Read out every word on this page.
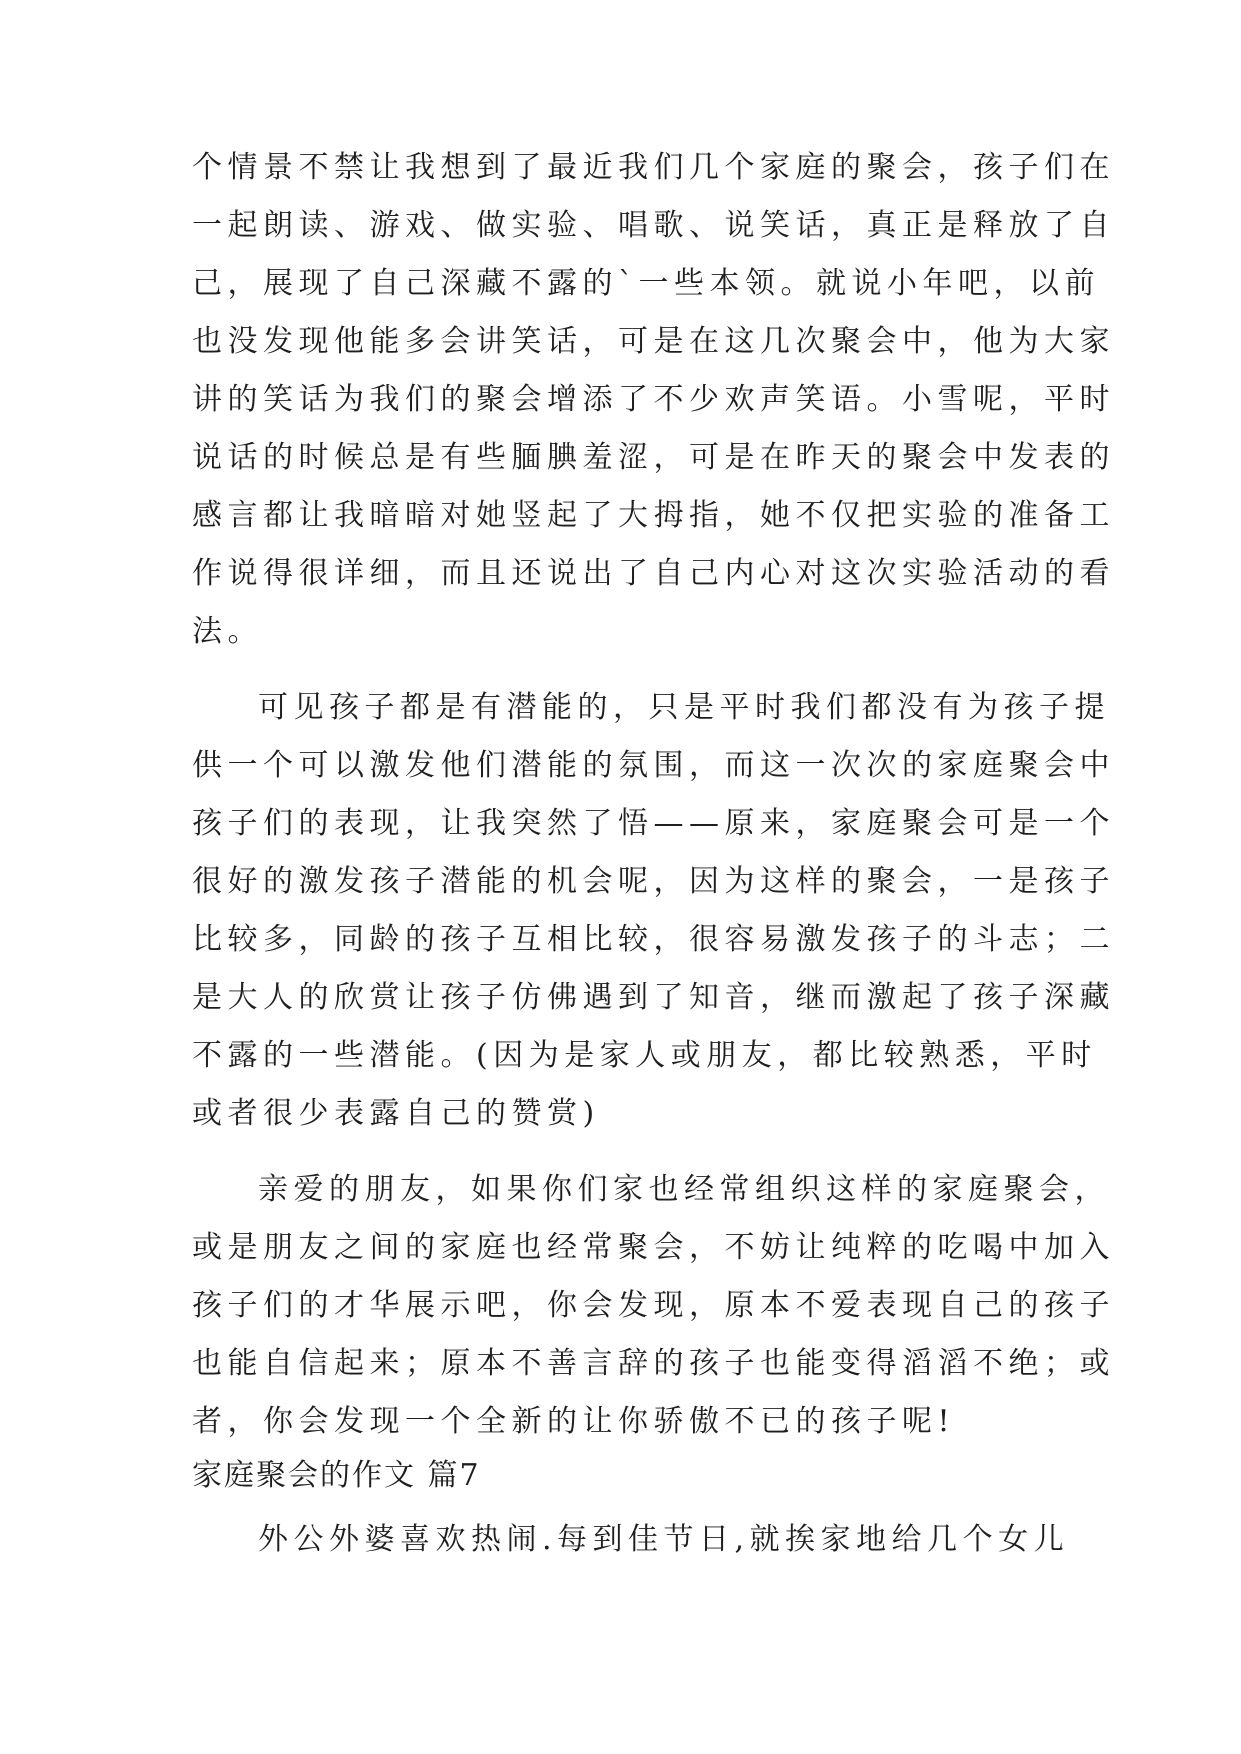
个情景不禁让我想到了最近我们几个家庭的聚会，孩子们在
一起朗读、游戏、做实验、唱歌、说笑话，真正是释放了自
己，展现了自己深藏不露的`一些本领。就说小年吧，以前
也没发现他能多会讲笑话，可是在这几次聚会中，他为大家
讲的笑话为我们的聚会增添了不少欢声笑语。小雪呢，平时
说话的时候总是有些腼腆羞涩，可是在昨天的聚会中发表的
感言都让我暗暗对她竖起了大拇指，她不仅把实验的准备工
作说得很详细，而且还说出了自己内心对这次实验活动的看
法。
可见孩子都是有潜能的，只是平时我们都没有为孩子提
供一个可以激发他们潜能的氛围，而这一次次的家庭聚会中
孩子们的表现，让我突然了悟——原来，家庭聚会可是一个
很好的激发孩子潜能的机会呢，因为这样的聚会，一是孩子
比较多，同龄的孩子互相比较，很容易激发孩子的斗志；二
是大人的欣赏让孩子仿佛遇到了知音，继而激起了孩子深藏
不露的一些潜能。(因为是家人或朋友，都比较熟悉，平时
或者很少表露自己的赞赏)
亲爱的朋友，如果你们家也经常组织这样的家庭聚会，
或是朋友之间的家庭也经常聚会，不妨让纯粹的吃喝中加入
孩子们的才华展示吧，你会发现，原本不爱表现自己的孩子
也能自信起来；原本不善言辞的孩子也能变得滔滔不绝；或
者，你会发现一个全新的让你骄傲不已的孩子呢!
家庭聚会的作文 篇7
外公外婆喜欢热闹.每到佳节日,就挨家地给几个女儿
